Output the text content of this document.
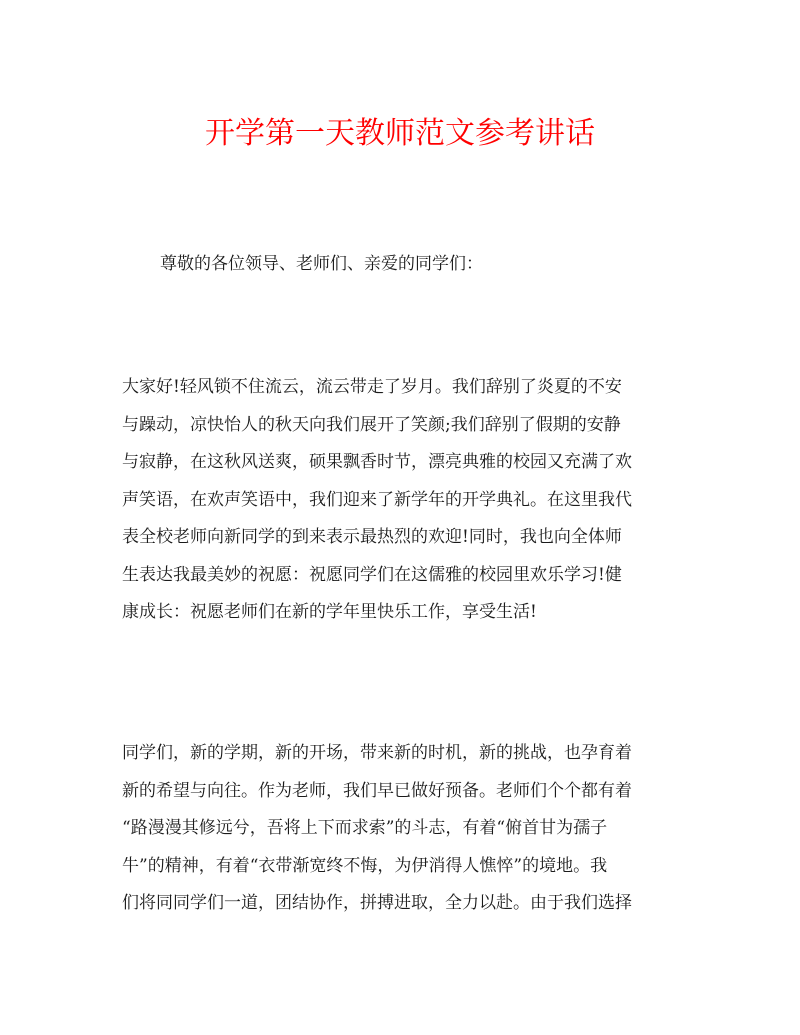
开学第一天教师范文参考讲话

尊敬的各位领导、老师们、亲爱的同学们：

大家好!轻风锁不住流云，流云带走了岁月。我们辞别了炎夏的不安
与躁动，凉快怡人的秋天向我们展开了笑颜;我们辞别了假期的安静
与寂静，在这秋风送爽，硕果飘香时节，漂亮典雅的校园又充满了欢
声笑语，在欢声笑语中，我们迎来了新学年的开学典礼。在这里我代
表全校老师向新同学的到来表示最热烈的欢迎!同时，我也向全体师
生表达我最美妙的祝愿：祝愿同学们在这儒雅的校园里欢乐学习!健
康成长：祝愿老师们在新的学年里快乐工作，享受生活!
同学们，新的学期，新的开场，带来新的时机，新的挑战，也孕育着
新的希望与向往。作为老师，我们早已做好预备。老师们个个都有着
“路漫漫其修远兮，吾将上下而求索”的斗志，有着“俯首甘为孺子
牛”的精神，有着“衣带渐宽终不悔，为伊消得人憔悴”的境地。我
们将同同学们一道，团结协作，拼搏进取，全力以赴。由于我们选择
